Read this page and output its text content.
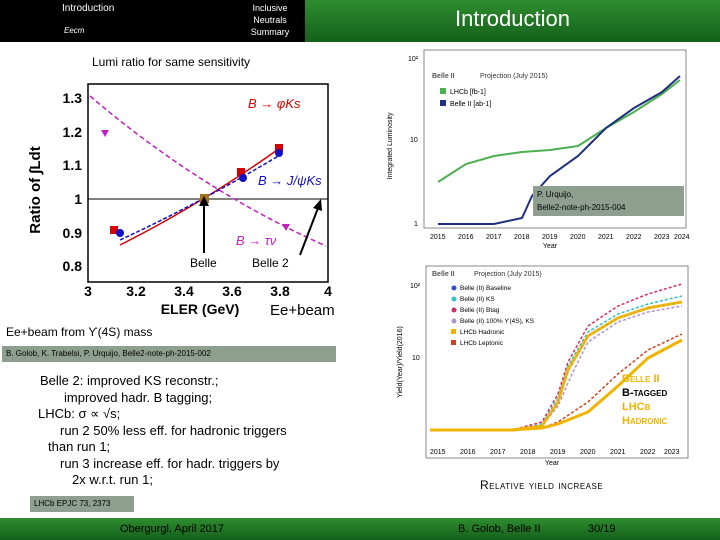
Introduction
Eecm
Inclusive
Neutrals
Summary
Introduction
Lumi ratio for same sensitivity
1.3
1.2
1.1
1
0.9
0.8
3 3.2 3.4 3.6 3.8 4
ELER (GeV)
Ratio of ∫Ldt
B → φKs
B → J/ψKs
B → τν
Belle	Belle 2
Ee+beam
Ee+beam from ϒ(4S) mass
B. Golob, K. Trabelsi, P. Urquijo, Belle2-note-ph-2015-002
Belle 2: improved KS reconstr.;
improved hadr. B tagging;
LHCb: σ ∝ √s;
run 2 50% less eff. for hadronic triggers
than run 1;
run 3 increase eff. for hadr. triggers by
2x w.r.t. run 1;
LHCb EPJC 73, 2373
Belle II	Projection (July 2015)
LHCb [fb-1]
Belle II [ab-1]
Integrated Luminosity
10²
10
1
2015 2016 2017 2018 2019 2020 2021 2022 2023 2024
Year
P. Urquijo,
Belle2-note-ph-2015-004
Yield(Year)/Yield(2016)
10²
10
Belle II	Projection (July 2015)
Belle (II) Baseline
Belle (II) KS
Belle (II) Btag
Belle (II) 100% ϒ(4S), KS
LHCb Hadronic
LHCb Leptonic
2015 2016 2017 2018 2019 2020 2021 2022 2023
Year
Belle II
B-tagged
LHCb
Hadronic
Relative yield increase
Obergurgl, April 2017	B. Golob, Belle II	30/19
